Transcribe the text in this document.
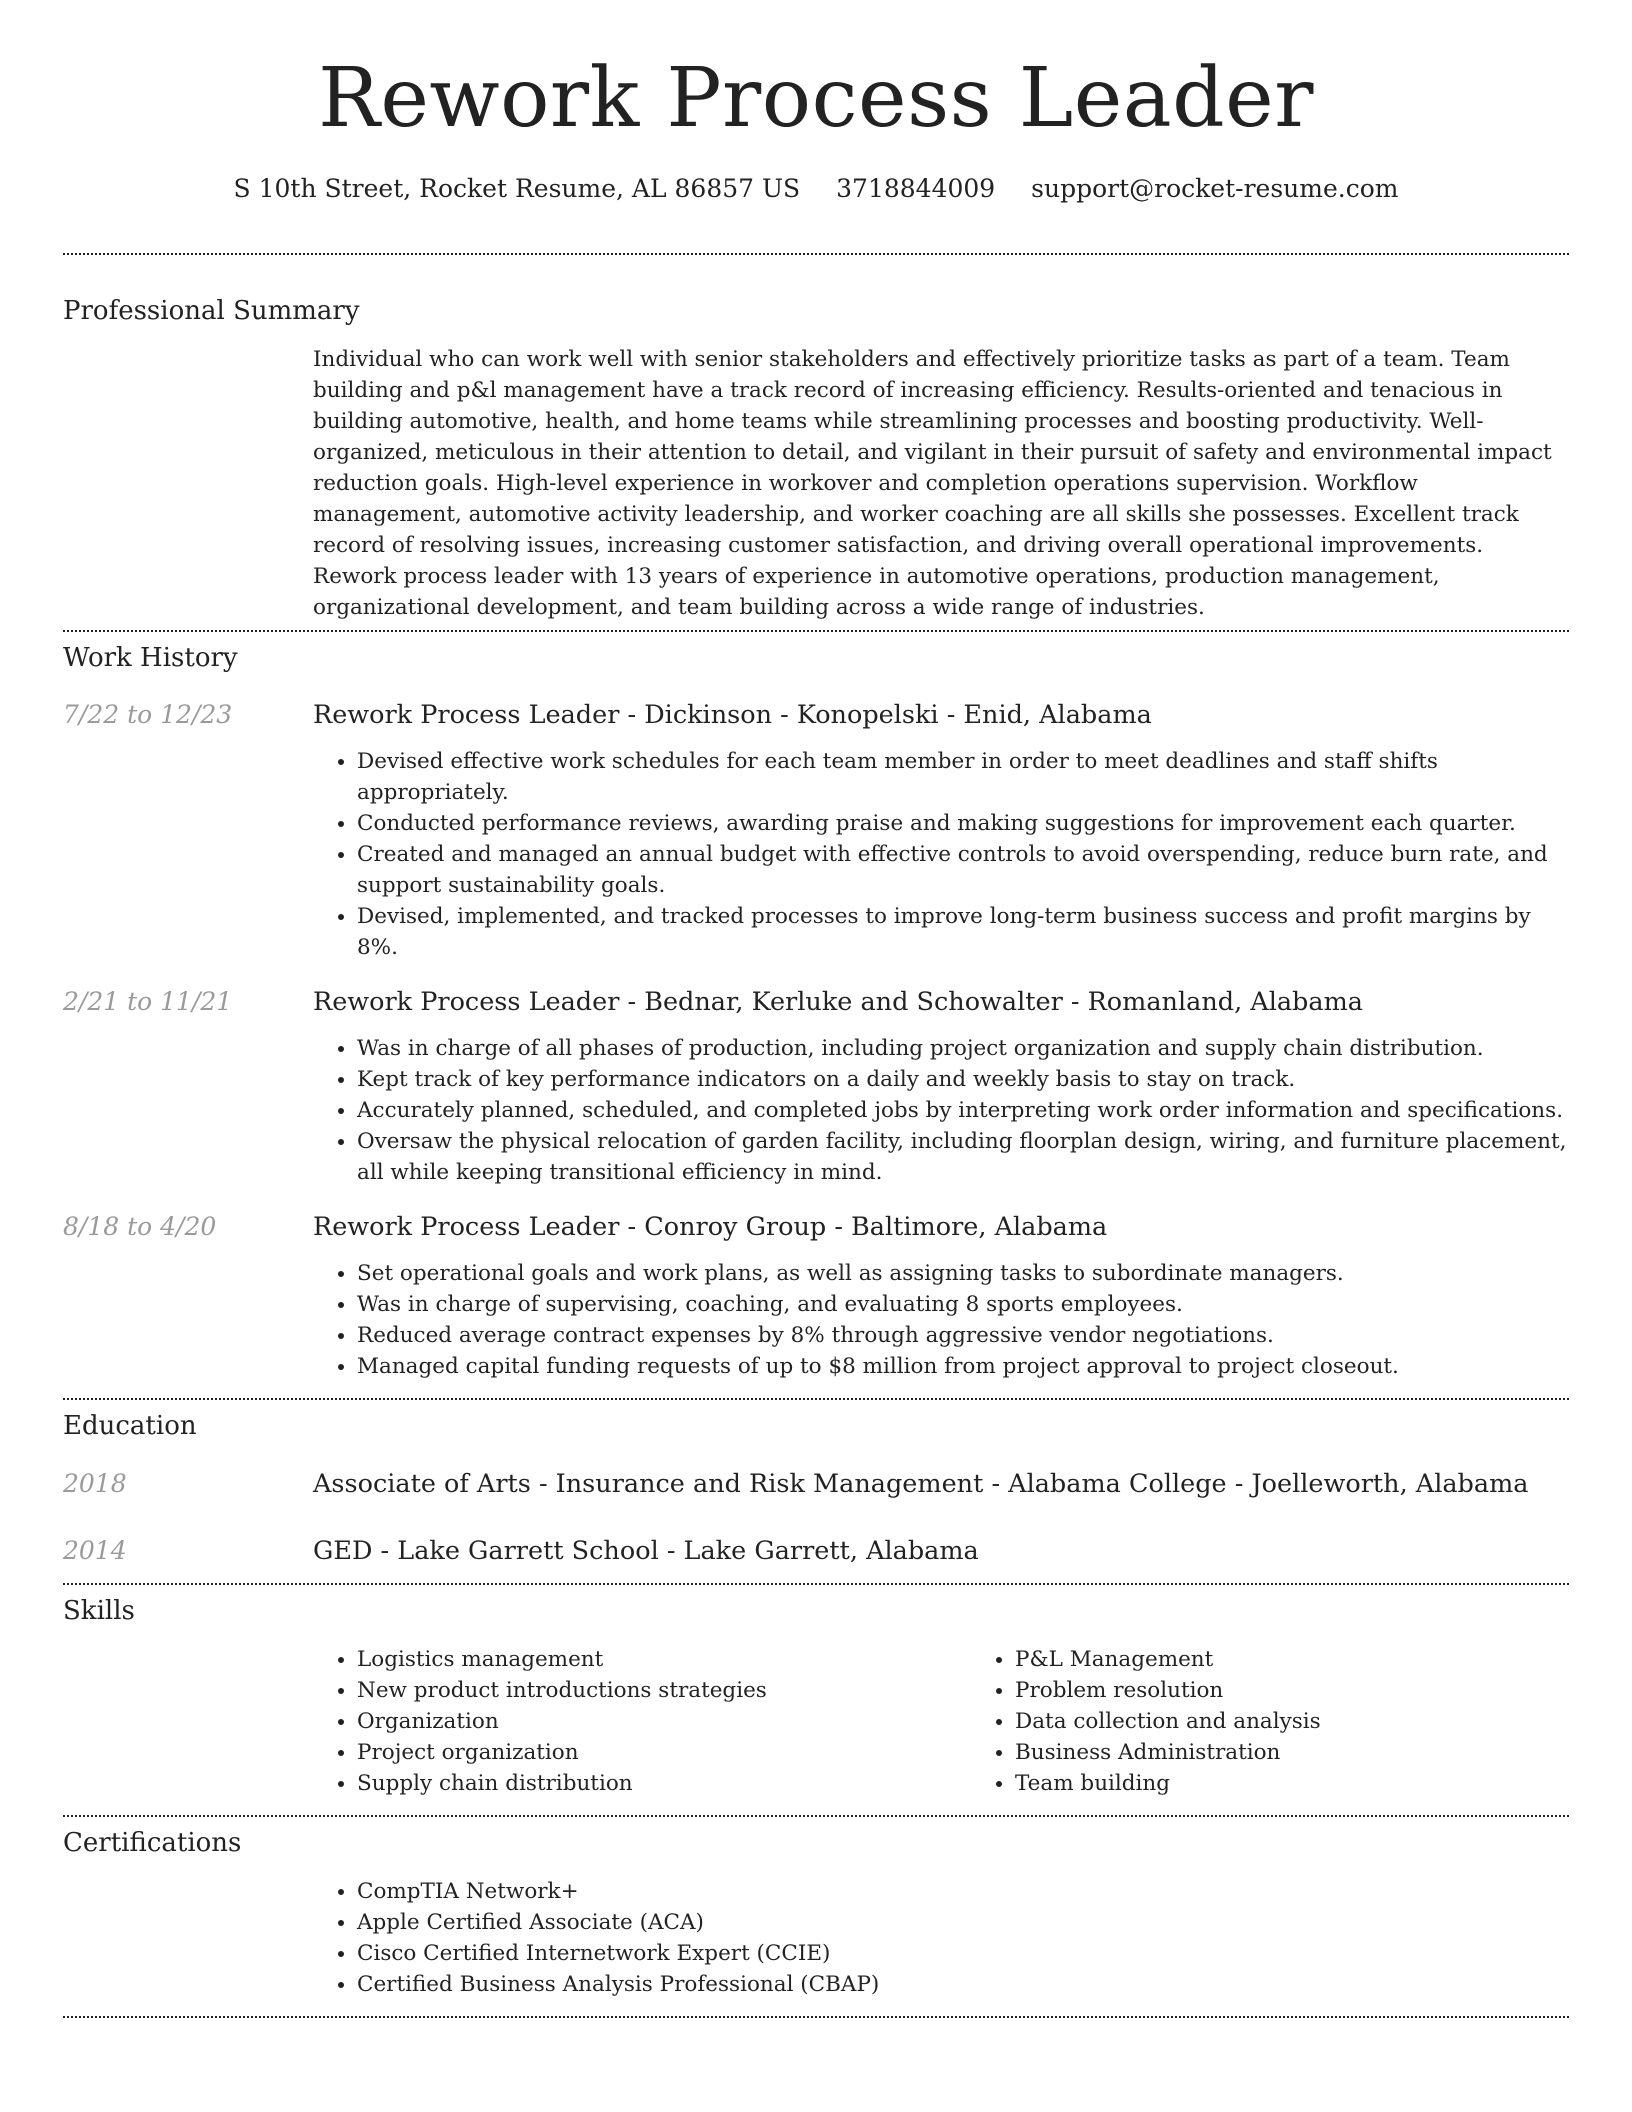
Rework Process Leader
S 10th Street, Rocket Resume, AL 86857 US 3718844009 support@rocket-resume.com
Professional Summary

Individual who can work well with senior stakeholders and effectively prioritize tasks as part of a team. Team building and p&l management have a track record of increasing efficiency. Results-oriented and tenacious in building automotive, health, and home teams while streamlining processes and boosting productivity. Well-organized, meticulous in their attention to detail, and vigilant in their pursuit of safety and environmental impact reduction goals. High-level experience in workover and completion operations supervision. Workflow management, automotive activity leadership, and worker coaching are all skills she possesses. Excellent track record of resolving issues, increasing customer satisfaction, and driving overall operational improvements. Rework process leader with 13 years of experience in automotive operations, production management, organizational development, and team building across a wide range of industries.

Work History
7/22 to 12/23	Rework Process Leader - Dickinson - Konopelski - Enid, Alabama
• Devised effective work schedules for each team member in order to meet deadlines and staff shifts appropriately.
• Conducted performance reviews, awarding praise and making suggestions for improvement each quarter.
• Created and managed an annual budget with effective controls to avoid overspending, reduce burn rate, and support sustainability goals.
• Devised, implemented, and tracked processes to improve long-term business success and profit margins by 8%.
2/21 to 11/21	Rework Process Leader - Bednar, Kerluke and Schowalter - Romanland, Alabama
• Was in charge of all phases of production, including project organization and supply chain distribution.
• Kept track of key performance indicators on a daily and weekly basis to stay on track.
• Accurately planned, scheduled, and completed jobs by interpreting work order information and specifications.
• Oversaw the physical relocation of garden facility, including floorplan design, wiring, and furniture placement, all while keeping transitional efficiency in mind.
8/18 to 4/20	Rework Process Leader - Conroy Group - Baltimore, Alabama
• Set operational goals and work plans, as well as assigning tasks to subordinate managers.
• Was in charge of supervising, coaching, and evaluating 8 sports employees.
• Reduced average contract expenses by 8% through aggressive vendor negotiations.
• Managed capital funding requests of up to $8 million from project approval to project closeout.
Education
2018	Associate of Arts - Insurance and Risk Management - Alabama College - Joelleworth, Alabama
2014	GED - Lake Garrett School - Lake Garrett, Alabama
Skills
• Logistics management
• New product introductions strategies
• Organization
• Project organization
• Supply chain distribution
• P&L Management
• Problem resolution
• Data collection and analysis
• Business Administration
• Team building
Certifications
• CompTIA Network+
• Apple Certified Associate (ACA)
• Cisco Certified Internetwork Expert (CCIE)
• Certified Business Analysis Professional (CBAP)
